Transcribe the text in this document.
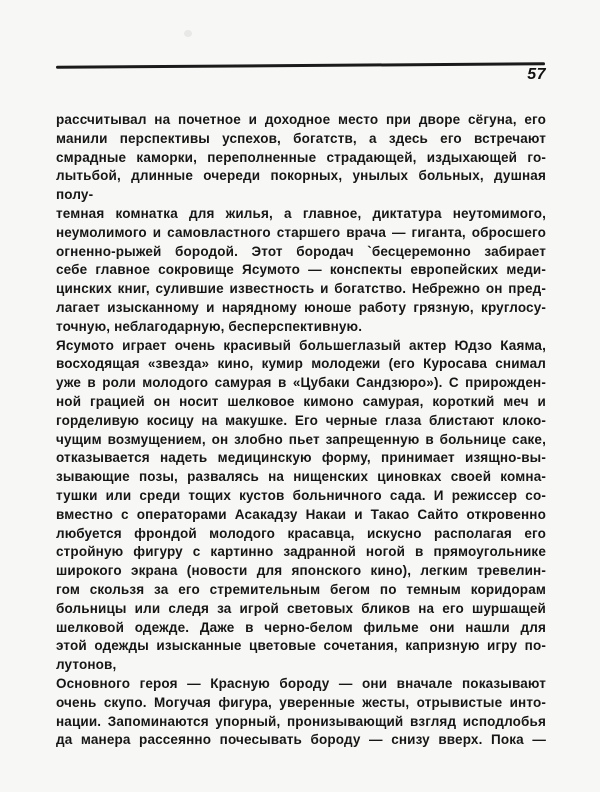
57
рассчитывал на почетное и доходное место при дворе сёгуна, его
манили перспективы успехов, богатств, а здесь его встречают
смрадные каморки, переполненные страдающей, издыхающей го-
лытьбой, длинные очереди покорных, унылых больных, душная полу-
темная комнатка для жилья, а главное, диктатура неутомимого,
неумолимого и самовластного старшего врача — гиганта, обросшего
огненно-рыжей бородой. Этот бородач `бесцеремонно забирает
себе главное сокровище Ясумото — конспекты европейских меди-
цинских книг, сулившие известность и богатство. Небрежно он пред-
лагает изысканному и нарядному юноше работу грязную, круглосу-
точную, неблагодарную, бесперспективную.
Ясумото играет очень красивый большеглазый актер Юдзо Каяма,
восходящая «звезда» кино, кумир молодежи (его Куросава снимал
уже в роли молодого самурая в «Цубаки Сандзюро»). С прирожден-
ной грацией он носит шелковое кимоно самурая, короткий меч и
горделивую косицу на макушке. Его черные глаза блистают клоко-
чущим возмущением, он злобно пьет запрещенную в больнице саке,
отказывается надеть медицинскую форму, принимает изящно-вы-
зывающие позы, развалясь на нищенских циновках своей комна-
тушки или среди тощих кустов больничного сада. И режиссер со-
вместно с операторами Асакадзу Накаи и Такао Сайто откровенно
любуется фрондой молодого красавца, искусно располагая его
стройную фигуру с картинно задранной ногой в прямоугольнике
широкого экрана (новости для японского кино), легким тревелин-
гом скользя за его стремительным бегом по темным коридорам
больницы или следя за игрой световых бликов на его шуршащей
шелковой одежде. Даже в черно-белом фильме они нашли для
этой одежды изысканные цветовые сочетания, капризную игру по-
лутонов,
Основного героя — Красную бороду — они вначале показывают
очень скупо. Могучая фигура, уверенные жесты, отрывистые инто-
нации. Запоминаются упорный, пронизывающий взгляд исподлобья
да манера рассеянно почесывать бороду — снизу вверх. Пока —
